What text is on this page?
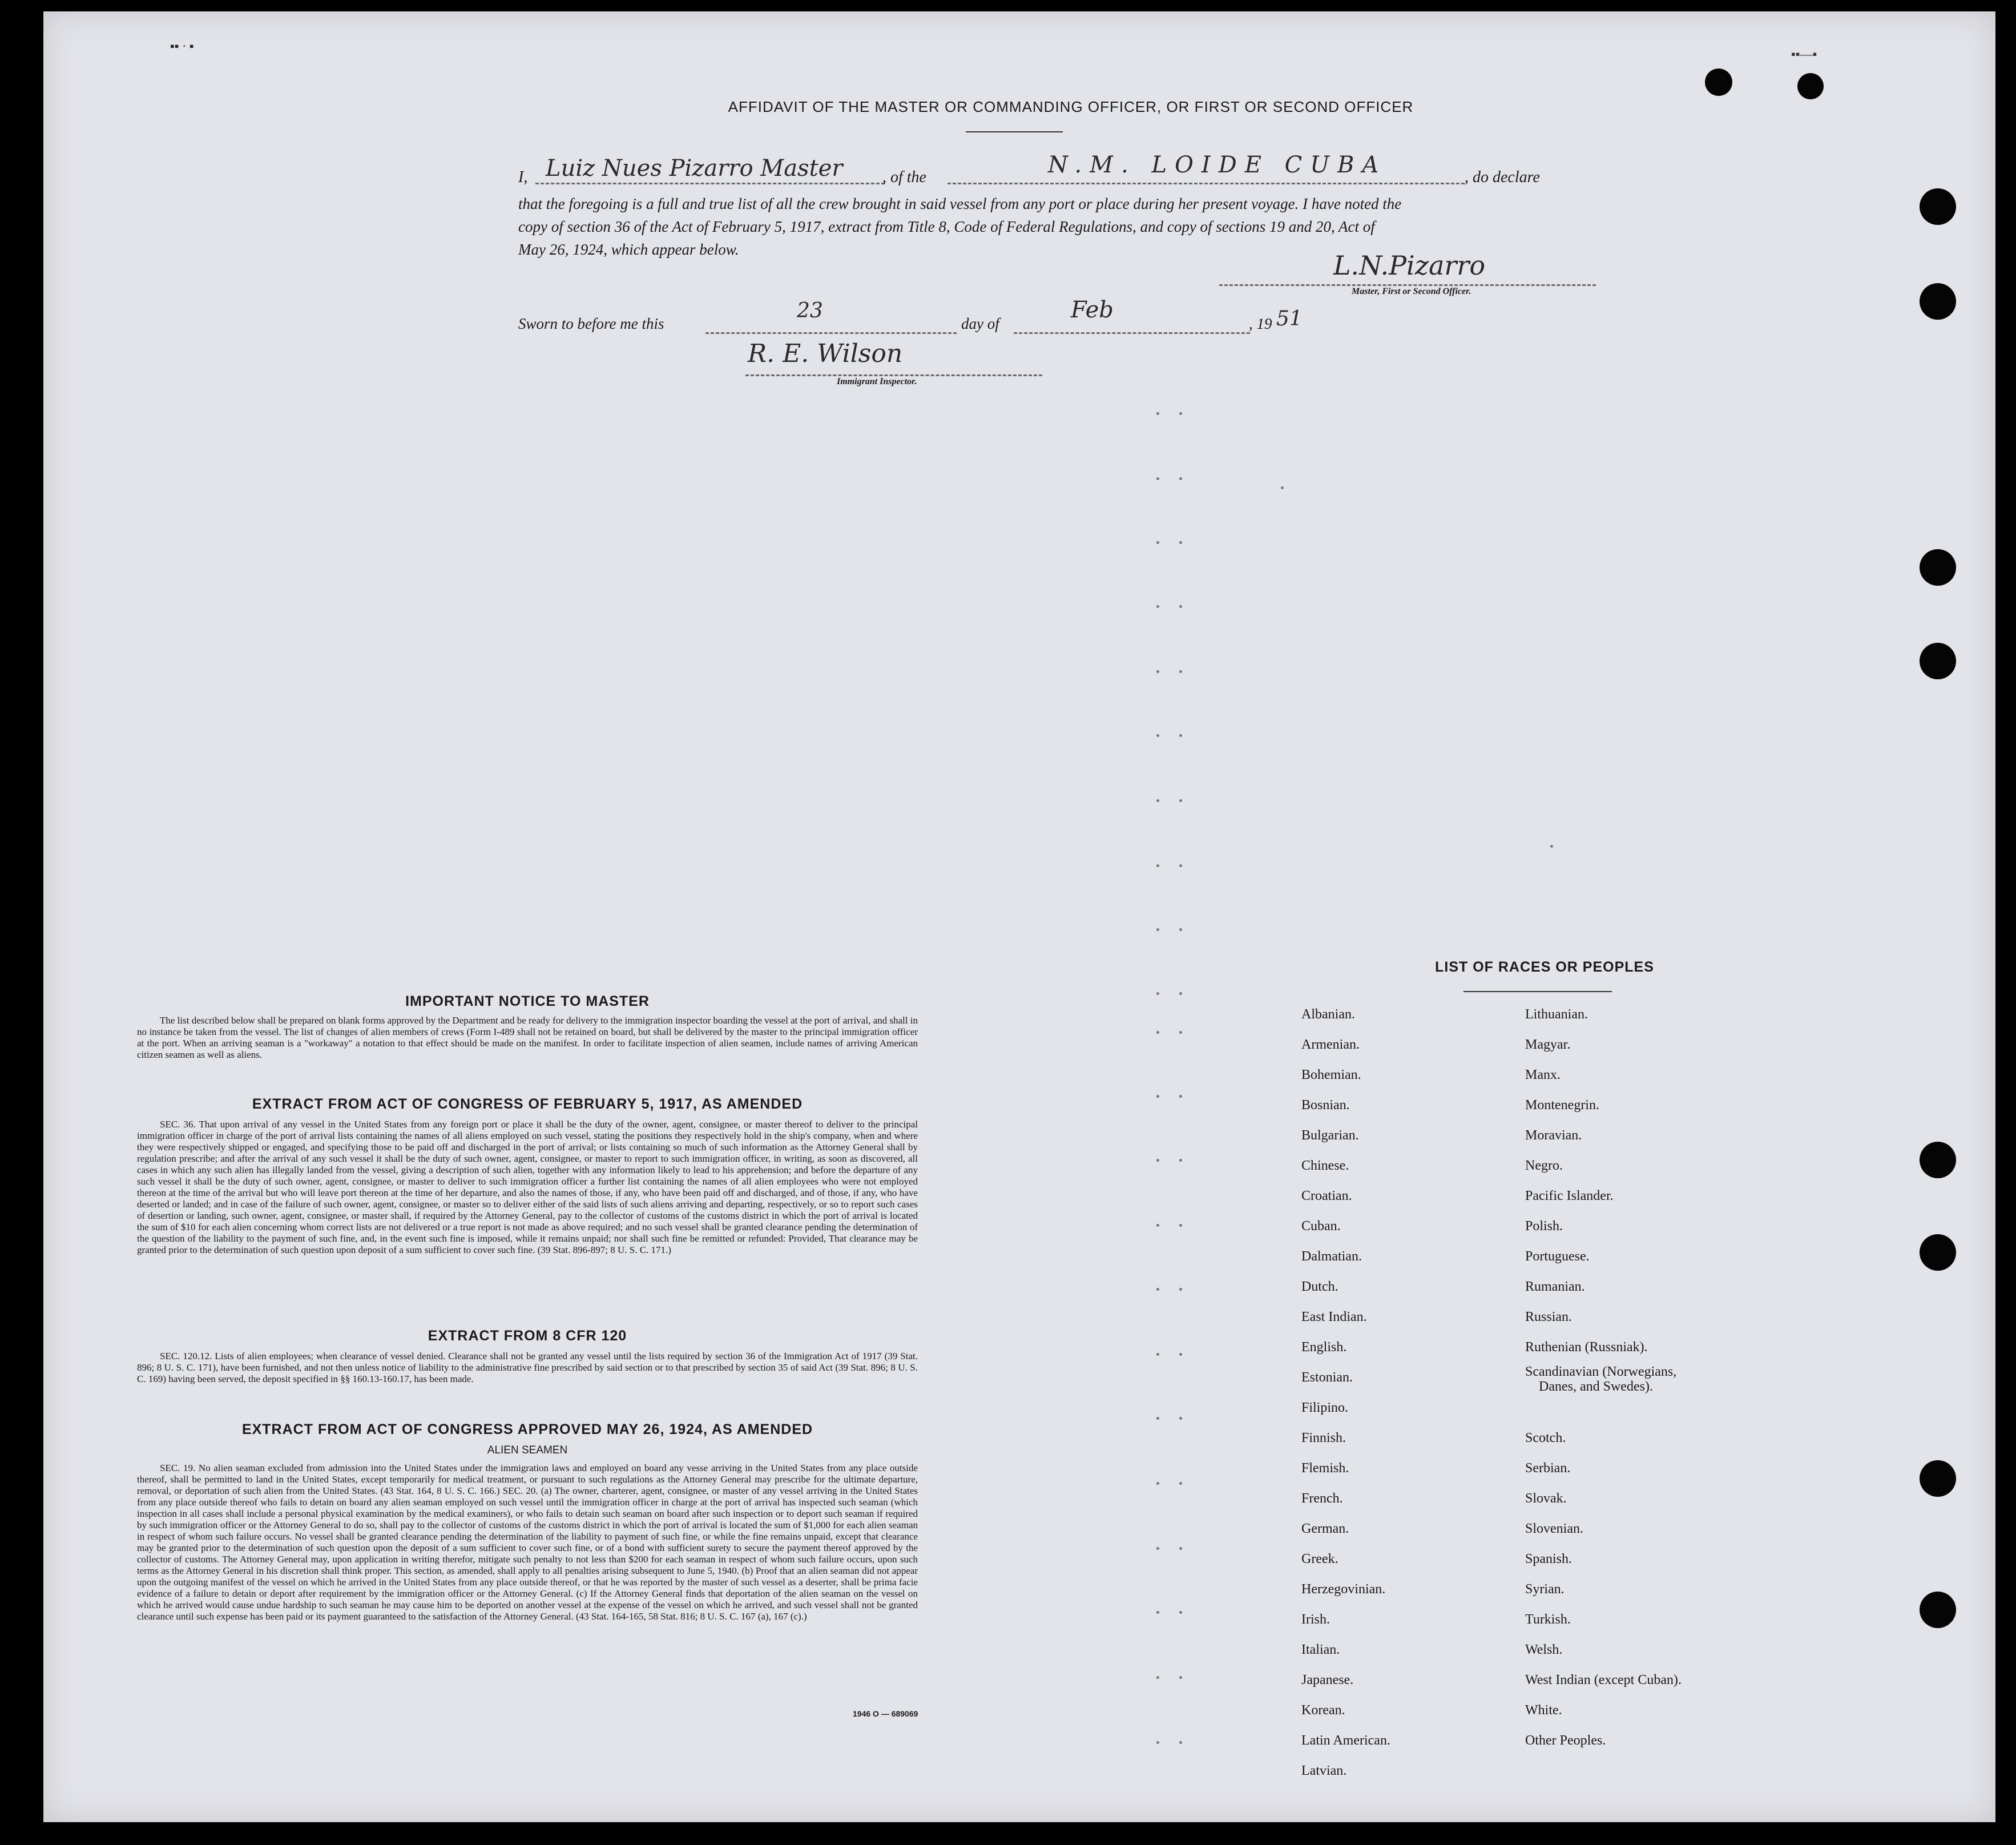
▪▪ · ▪
▪▪—▪
AFFIDAVIT OF THE MASTER OR COMMANDING OFFICER, OR FIRST OR SECOND OFFICER
I, Luiz Nues Pizarro Master , of the	N.M. LOIDE CUBA	, do declare
that the foregoing is a full and true list of all the crew brought in said vessel from any port or place during her present voyage. I have noted the
copy of section 36 of the Act of February 5, 1917, extract from Title 8, Code of Federal Regulations, and copy of sections 19 and 20, Act of
May 26, 1924, which appear below.
L.N.Pizarro
Master, First or Second Officer.
Sworn to before me this
23
day of
Feb
, 19 51
R. E. Wilson
Immigrant Inspector.
IMPORTANT NOTICE TO MASTER
The list described below shall be prepared on blank forms approved by the Department and be ready for delivery to the immigration inspector boarding the vessel at the port of arrival, and shall in no instance be taken from the vessel. The list of changes of alien members of crews (Form I-489 shall not be retained on board, but shall be delivered by the master to the principal immigration officer at the port. When an arriving seaman is a "workaway" a notation to that effect should be made on the manifest. In order to facilitate inspection of alien seamen, include names of arriving American citizen seamen as well as aliens.
EXTRACT FROM ACT OF CONGRESS OF FEBRUARY 5, 1917, AS AMENDED
SEC. 36. That upon arrival of any vessel in the United States from any foreign port or place it shall be the duty of the owner, agent, consignee, or master thereof to deliver to the principal immigration officer in charge of the port of arrival lists containing the names of all aliens employed on such vessel, stating the positions they respectively hold in the ship's company, when and where they were respectively shipped or engaged, and specifying those to be paid off and discharged in the port of arrival; or lists containing so much of such information as the Attorney General shall by regulation prescribe; and after the arrival of any such vessel it shall be the duty of such owner, agent, consignee, or master to report to such immigration officer, in writing, as soon as discovered, all cases in which any such alien has illegally landed from the vessel, giving a description of such alien, together with any information likely to lead to his apprehension; and before the departure of any such vessel it shall be the duty of such owner, agent, consignee, or master to deliver to such immigration officer a further list containing the names of all alien employees who were not employed thereon at the time of the arrival but who will leave port thereon at the time of her departure, and also the names of those, if any, who have been paid off and discharged, and of those, if any, who have deserted or landed; and in case of the failure of such owner, agent, consignee, or master so to deliver either of the said lists of such aliens arriving and departing, respectively, or so to report such cases of desertion or landing, such owner, agent, consignee, or master shall, if required by the Attorney General, pay to the collector of customs of the customs district in which the port of arrival is located the sum of $10 for each alien concerning whom correct lists are not delivered or a true report is not made as above required; and no such vessel shall be granted clearance pending the determination of the question of the liability to the payment of such fine, and, in the event such fine is imposed, while it remains unpaid; nor shall such fine be remitted or refunded: Provided, That clearance may be granted prior to the determination of such question upon deposit of a sum sufficient to cover such fine. (39 Stat. 896-897; 8 U. S. C. 171.)
EXTRACT FROM 8 CFR 120
SEC. 120.12. Lists of alien employees; when clearance of vessel denied. Clearance shall not be granted any vessel until the lists required by section 36 of the Immigration Act of 1917 (39 Stat. 896; 8 U. S. C. 171), have been furnished, and not then unless notice of liability to the administrative fine prescribed by said section or to that prescribed by section 35 of said Act (39 Stat. 896; 8 U. S. C. 169) having been served, the deposit specified in §§ 160.13-160.17, has been made.
EXTRACT FROM ACT OF CONGRESS APPROVED MAY 26, 1924, AS AMENDED
ALIEN SEAMEN
SEC. 19. No alien seaman excluded from admission into the United States under the immigration laws and employed on board any vesse arriving in the United States from any place outside thereof, shall be permitted to land in the United States, except temporarily for medical treatment, or pursuant to such regulations as the Attorney General may prescribe for the ultimate departure, removal, or deportation of such alien from the United States. (43 Stat. 164, 8 U. S. C. 166.) SEC. 20. (a) The owner, charterer, agent, consignee, or master of any vessel arriving in the United States from any place outside thereof who fails to detain on board any alien seaman employed on such vessel until the immigration officer in charge at the port of arrival has inspected such seaman (which inspection in all cases shall include a personal physical examination by the medical examiners), or who fails to detain such seaman on board after such inspection or to deport such seaman if required by such immigration officer or the Attorney General to do so, shall pay to the collector of customs of the customs district in which the port of arrival is located the sum of $1,000 for each alien seaman in respect of whom such failure occurs. No vessel shall be granted clearance pending the determination of the liability to payment of such fine, or while the fine remains unpaid, except that clearance may be granted prior to the determination of such question upon the deposit of a sum sufficient to cover such fine, or of a bond with sufficient surety to secure the payment thereof approved by the collector of customs. The Attorney General may, upon application in writing therefor, mitigate such penalty to not less than $200 for each seaman in respect of whom such failure occurs, upon such terms as the Attorney General in his discretion shall think proper. This section, as amended, shall apply to all penalties arising subsequent to June 5, 1940. (b) Proof that an alien seaman did not appear upon the outgoing manifest of the vessel on which he arrived in the United States from any place outside thereof, or that he was reported by the master of such vessel as a deserter, shall be prima facie evidence of a failure to detain or deport after requirement by the immigration officer or the Attorney General. (c) If the Attorney General finds that deportation of the alien seaman on the vessel on which he arrived would cause undue hardship to such seaman he may cause him to be deported on another vessel at the expense of the vessel on which he arrived, and such vessel shall not be granted clearance until such expense has been paid or its payment guaranteed to the satisfaction of the Attorney General. (43 Stat. 164-165, 58 Stat. 816; 8 U. S. C. 167 (a), 167 (c).)
1946 O — 689069
LIST OF RACES OR PEOPLES
Albanian.
Armenian.
Bohemian.
Bosnian.
Bulgarian.
Chinese.
Croatian.
Cuban.
Dalmatian.
Dutch.
East Indian.
English.
Estonian.
Filipino.
Finnish.
Flemish.
French.
German.
Greek.
Herzegovinian.
Irish.
Italian.
Japanese.
Korean.
Latin American.
Latvian.
Lithuanian.
Magyar.
Manx.
Montenegrin.
Moravian.
Negro.
Pacific Islander.
Polish.
Portuguese.
Rumanian.
Russian.
Ruthenian (Russniak).
Scandinavian (Norwegians,
Danes, and Swedes).
Scotch.
Serbian.
Slovak.
Slovenian.
Spanish.
Syrian.
Turkish.
Welsh.
West Indian (except Cuban).
White.
Other Peoples.
